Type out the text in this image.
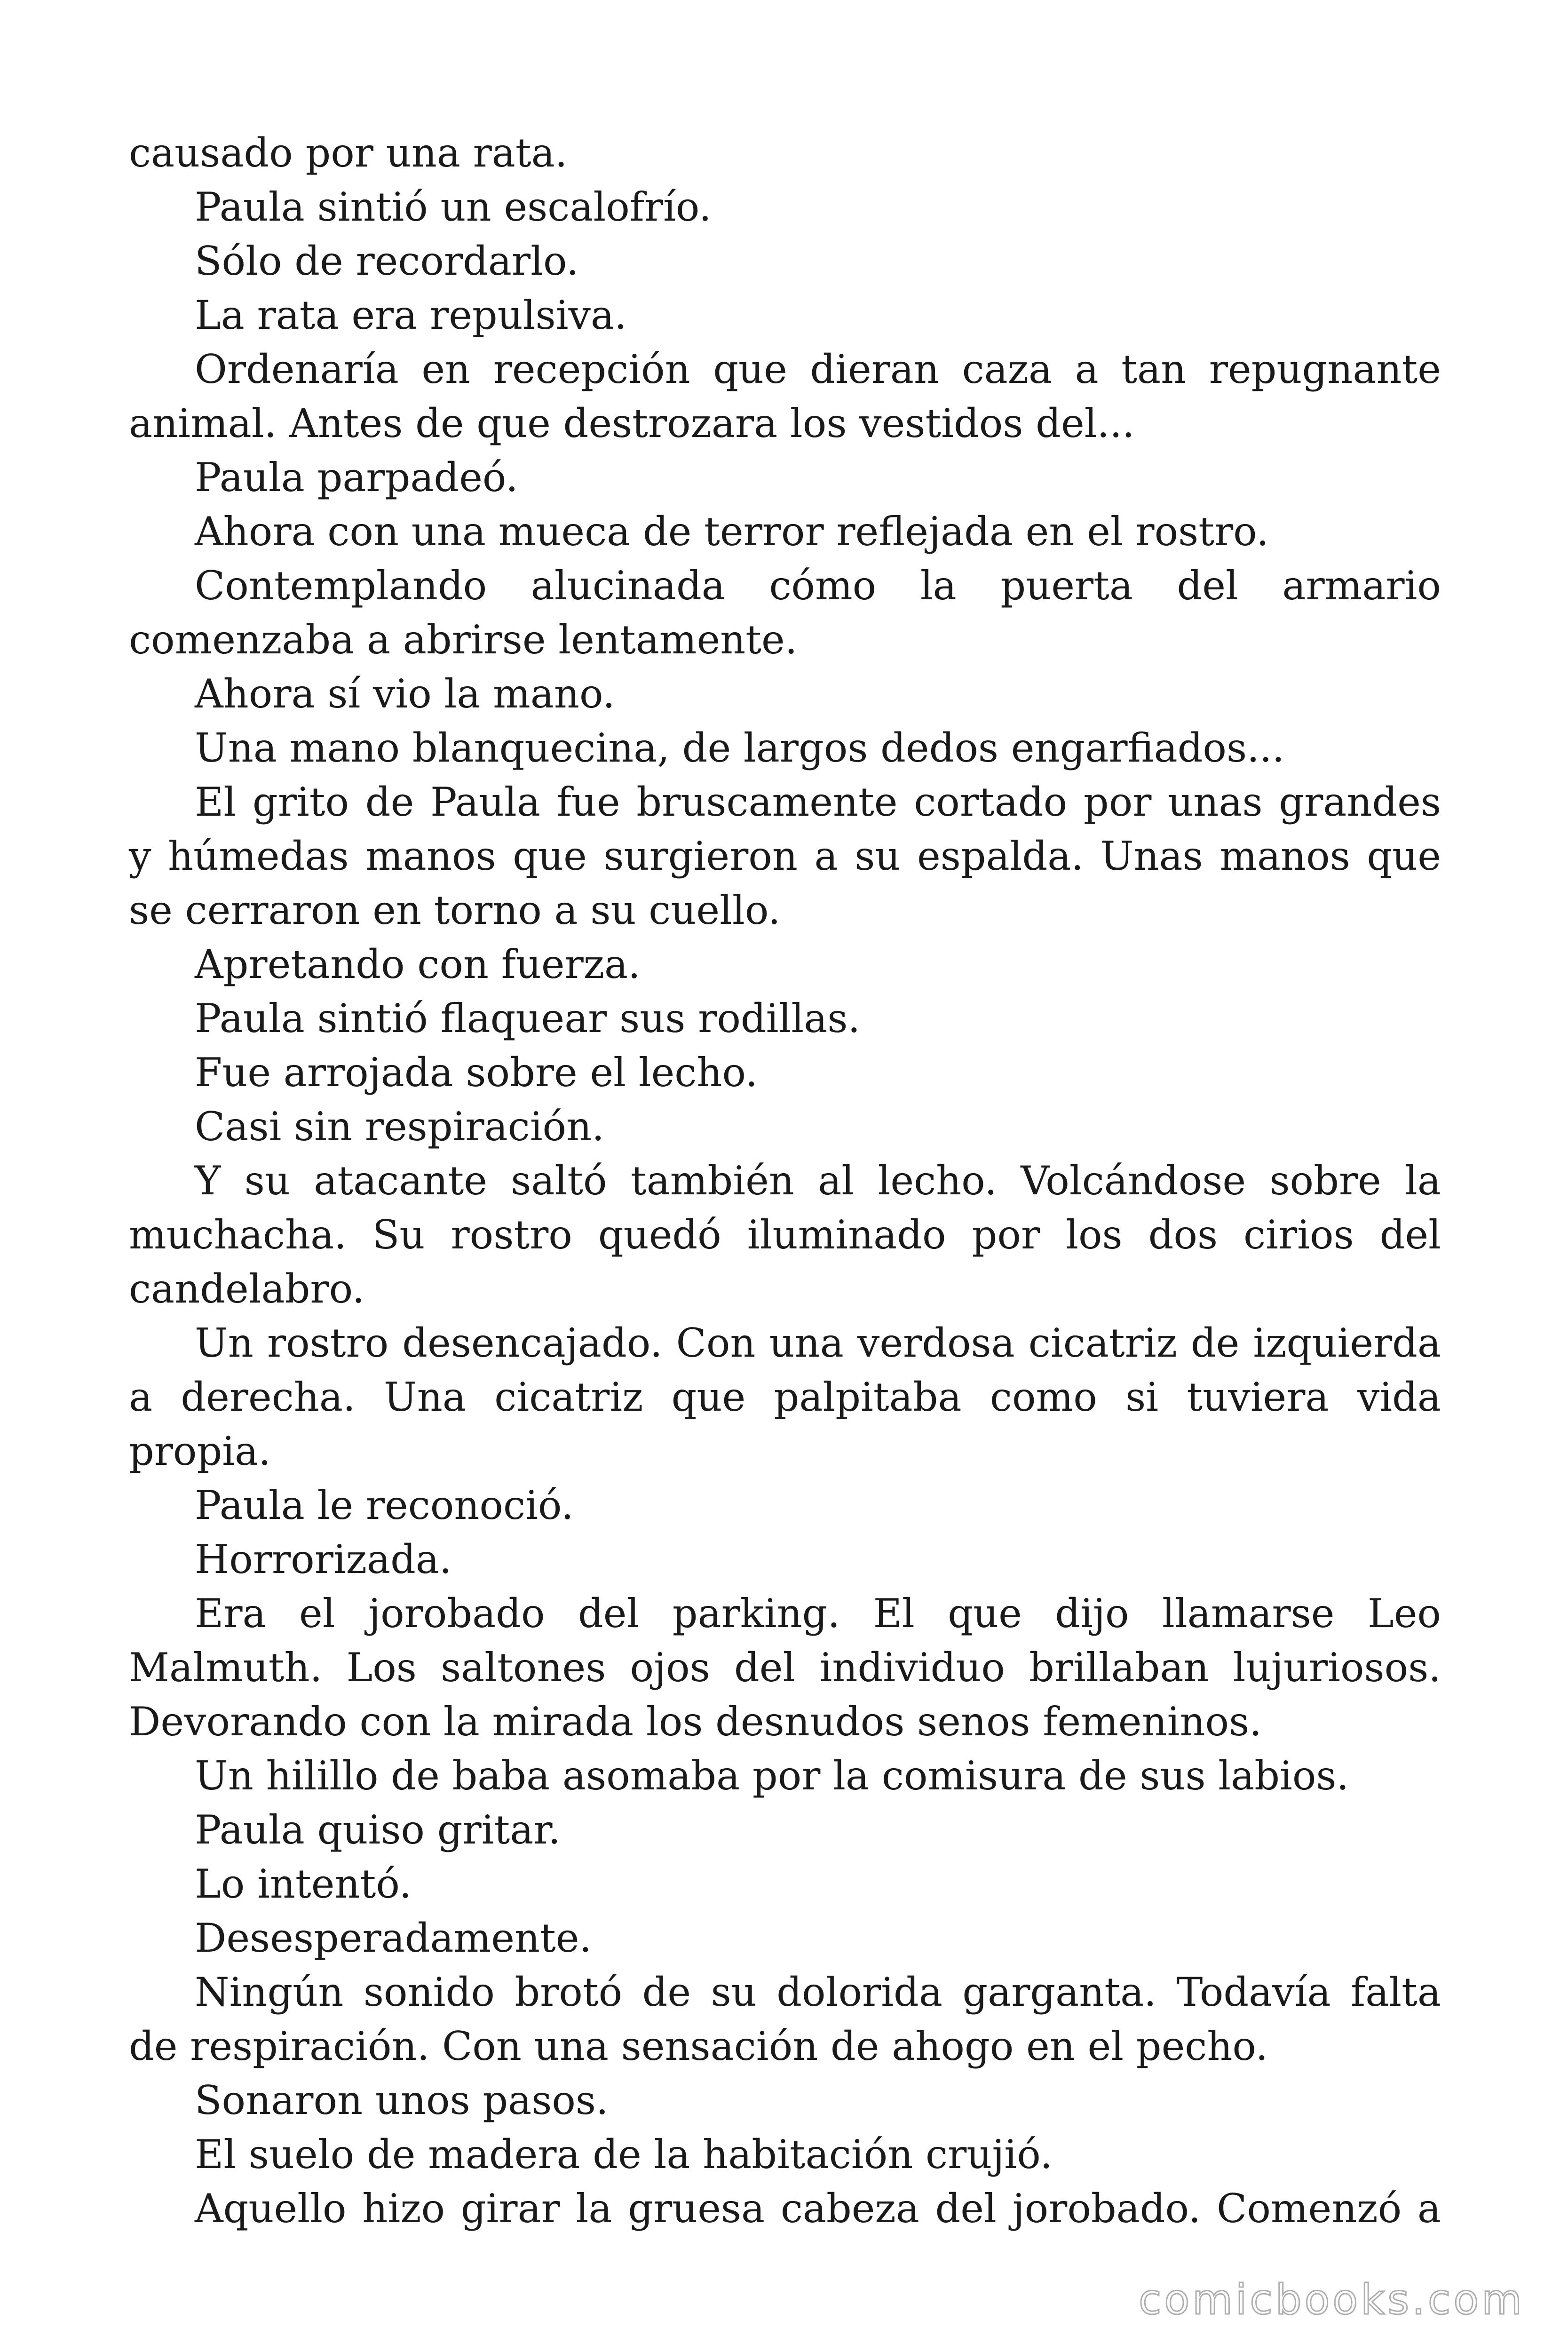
causado por una rata.

Paula sintió un escalofrío.

Sólo de recordarlo.

La rata era repulsiva.

Ordenaría en recepción que dieran caza a tan repugnante animal. Antes de que destrozara los vestidos del...

Paula parpadeó.

Ahora con una mueca de terror reflejada en el rostro.

Contemplando alucinada cómo la puerta del armario comenzaba a abrirse lentamente.

Ahora sí vio la mano.

Una mano blanquecina, de largos dedos engarfiados...

El grito de Paula fue bruscamente cortado por unas grandes y húmedas manos que surgieron a su espalda. Unas manos que se cerraron en torno a su cuello.

Apretando con fuerza.

Paula sintió flaquear sus rodillas.

Fue arrojada sobre el lecho.

Casi sin respiración.

Y su atacante saltó también al lecho. Volcándose sobre la muchacha. Su rostro quedó iluminado por los dos cirios del candelabro.

Un rostro desencajado. Con una verdosa cicatriz de izquierda a derecha. Una cicatriz que palpitaba como si tuviera vida propia.

Paula le reconoció.

Horrorizada.

Era el jorobado del parking. El que dijo llamarse Leo Malmuth. Los saltones ojos del individuo brillaban lujuriosos. Devorando con la mirada los desnudos senos femeninos.

Un hilillo de baba asomaba por la comisura de sus labios.

Paula quiso gritar.

Lo intentó.

Desesperadamente.

Ningún sonido brotó de su dolorida garganta. Todavía falta de respiración. Con una sensación de ahogo en el pecho.

Sonaron unos pasos.

El suelo de madera de la habitación crujió.

Aquello hizo girar la gruesa cabeza del jorobado. Comenzó a

comicbooks.com
